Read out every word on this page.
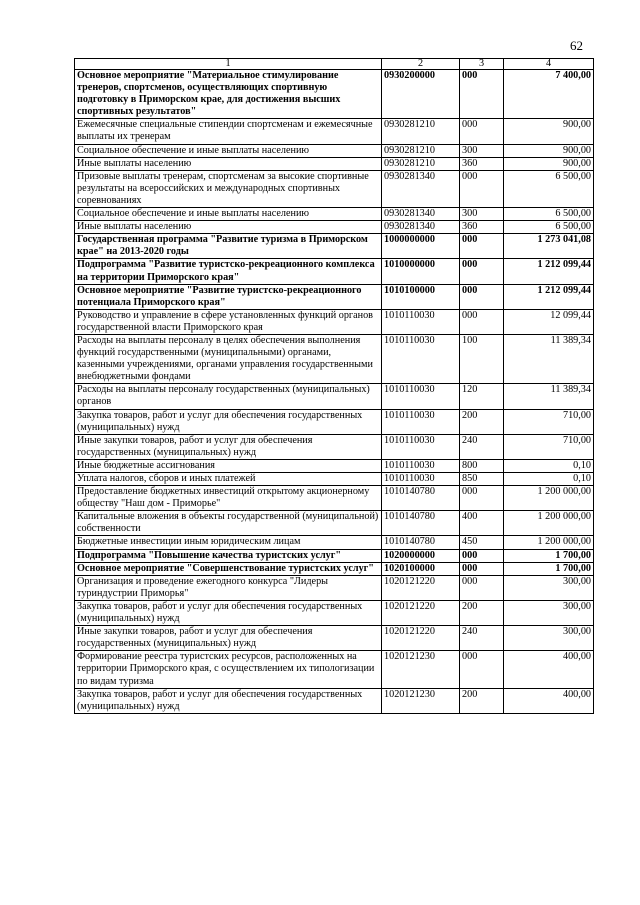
62
1	2	3	4
Основное мероприятие "Материальное стимулирование тренеров, спортсменов, осуществляющих спортивную подготовку в Приморском крае, для достижения высших спортивных результатов"	0930200000	000	7 400,00
Ежемесячные специальные стипендии спортсменам и ежемесячные выплаты их тренерам	0930281210	000	900,00
Социальное обеспечение и иные выплаты населению	0930281210	300	900,00
Иные выплаты населению	0930281210	360	900,00
Призовые выплаты тренерам, спортсменам за высокие спортивные результаты на всероссийских и международных спортивных соревнованиях	0930281340	000	6 500,00
Социальное обеспечение и иные выплаты населению	0930281340	300	6 500,00
Иные выплаты населению	0930281340	360	6 500,00
Государственная программа "Развитие туризма в Приморском крае" на 2013-2020 годы	1000000000	000	1 273 041,08
Подпрограмма "Развитие туристско-рекреационного комплекса на территории Приморского края"	1010000000	000	1 212 099,44
Основное мероприятие "Развитие туристско-рекреационного потенциала Приморского края"	1010100000	000	1 212 099,44
Руководство и управление в сфере установленных функций органов государственной власти Приморского края	1010110030	000	12 099,44
Расходы на выплаты персоналу в целях обеспечения выполнения функций государственными (муниципальными) органами, казенными учреждениями, органами управления государственными внебюджетными фондами	1010110030	100	11 389,34
Расходы на выплаты персоналу государственных (муниципальных) органов	1010110030	120	11 389,34
Закупка товаров, работ и услуг для обеспечения государственных (муниципальных) нужд	1010110030	200	710,00
Иные закупки товаров, работ и услуг для обеспечения государственных (муниципальных) нужд	1010110030	240	710,00
Иные бюджетные ассигнования	1010110030	800	0,10
Уплата налогов, сборов и иных платежей	1010110030	850	0,10
Предоставление бюджетных инвестиций открытому акционерному обществу "Наш дом - Приморье"	1010140780	000	1 200 000,00
Капитальные вложения в объекты государственной (муниципальной) собственности	1010140780	400	1 200 000,00
Бюджетные инвестиции иным юридическим лицам	1010140780	450	1 200 000,00
Подпрограмма "Повышение качества туристских услуг"	1020000000	000	1 700,00
Основное мероприятие "Совершенствование туристских услуг"	1020100000	000	1 700,00
Организация и проведение ежегодного конкурса "Лидеры туриндустрии Приморья"	1020121220	000	300,00
Закупка товаров, работ и услуг для обеспечения государственных (муниципальных) нужд	1020121220	200	300,00
Иные закупки товаров, работ и услуг для обеспечения государственных (муниципальных) нужд	1020121220	240	300,00
Формирование реестра туристских ресурсов, расположенных на территории Приморского края, с осуществлением их типологизации по видам туризма	1020121230	000	400,00
Закупка товаров, работ и услуг для обеспечения государственных (муниципальных) нужд	1020121230	200	400,00
